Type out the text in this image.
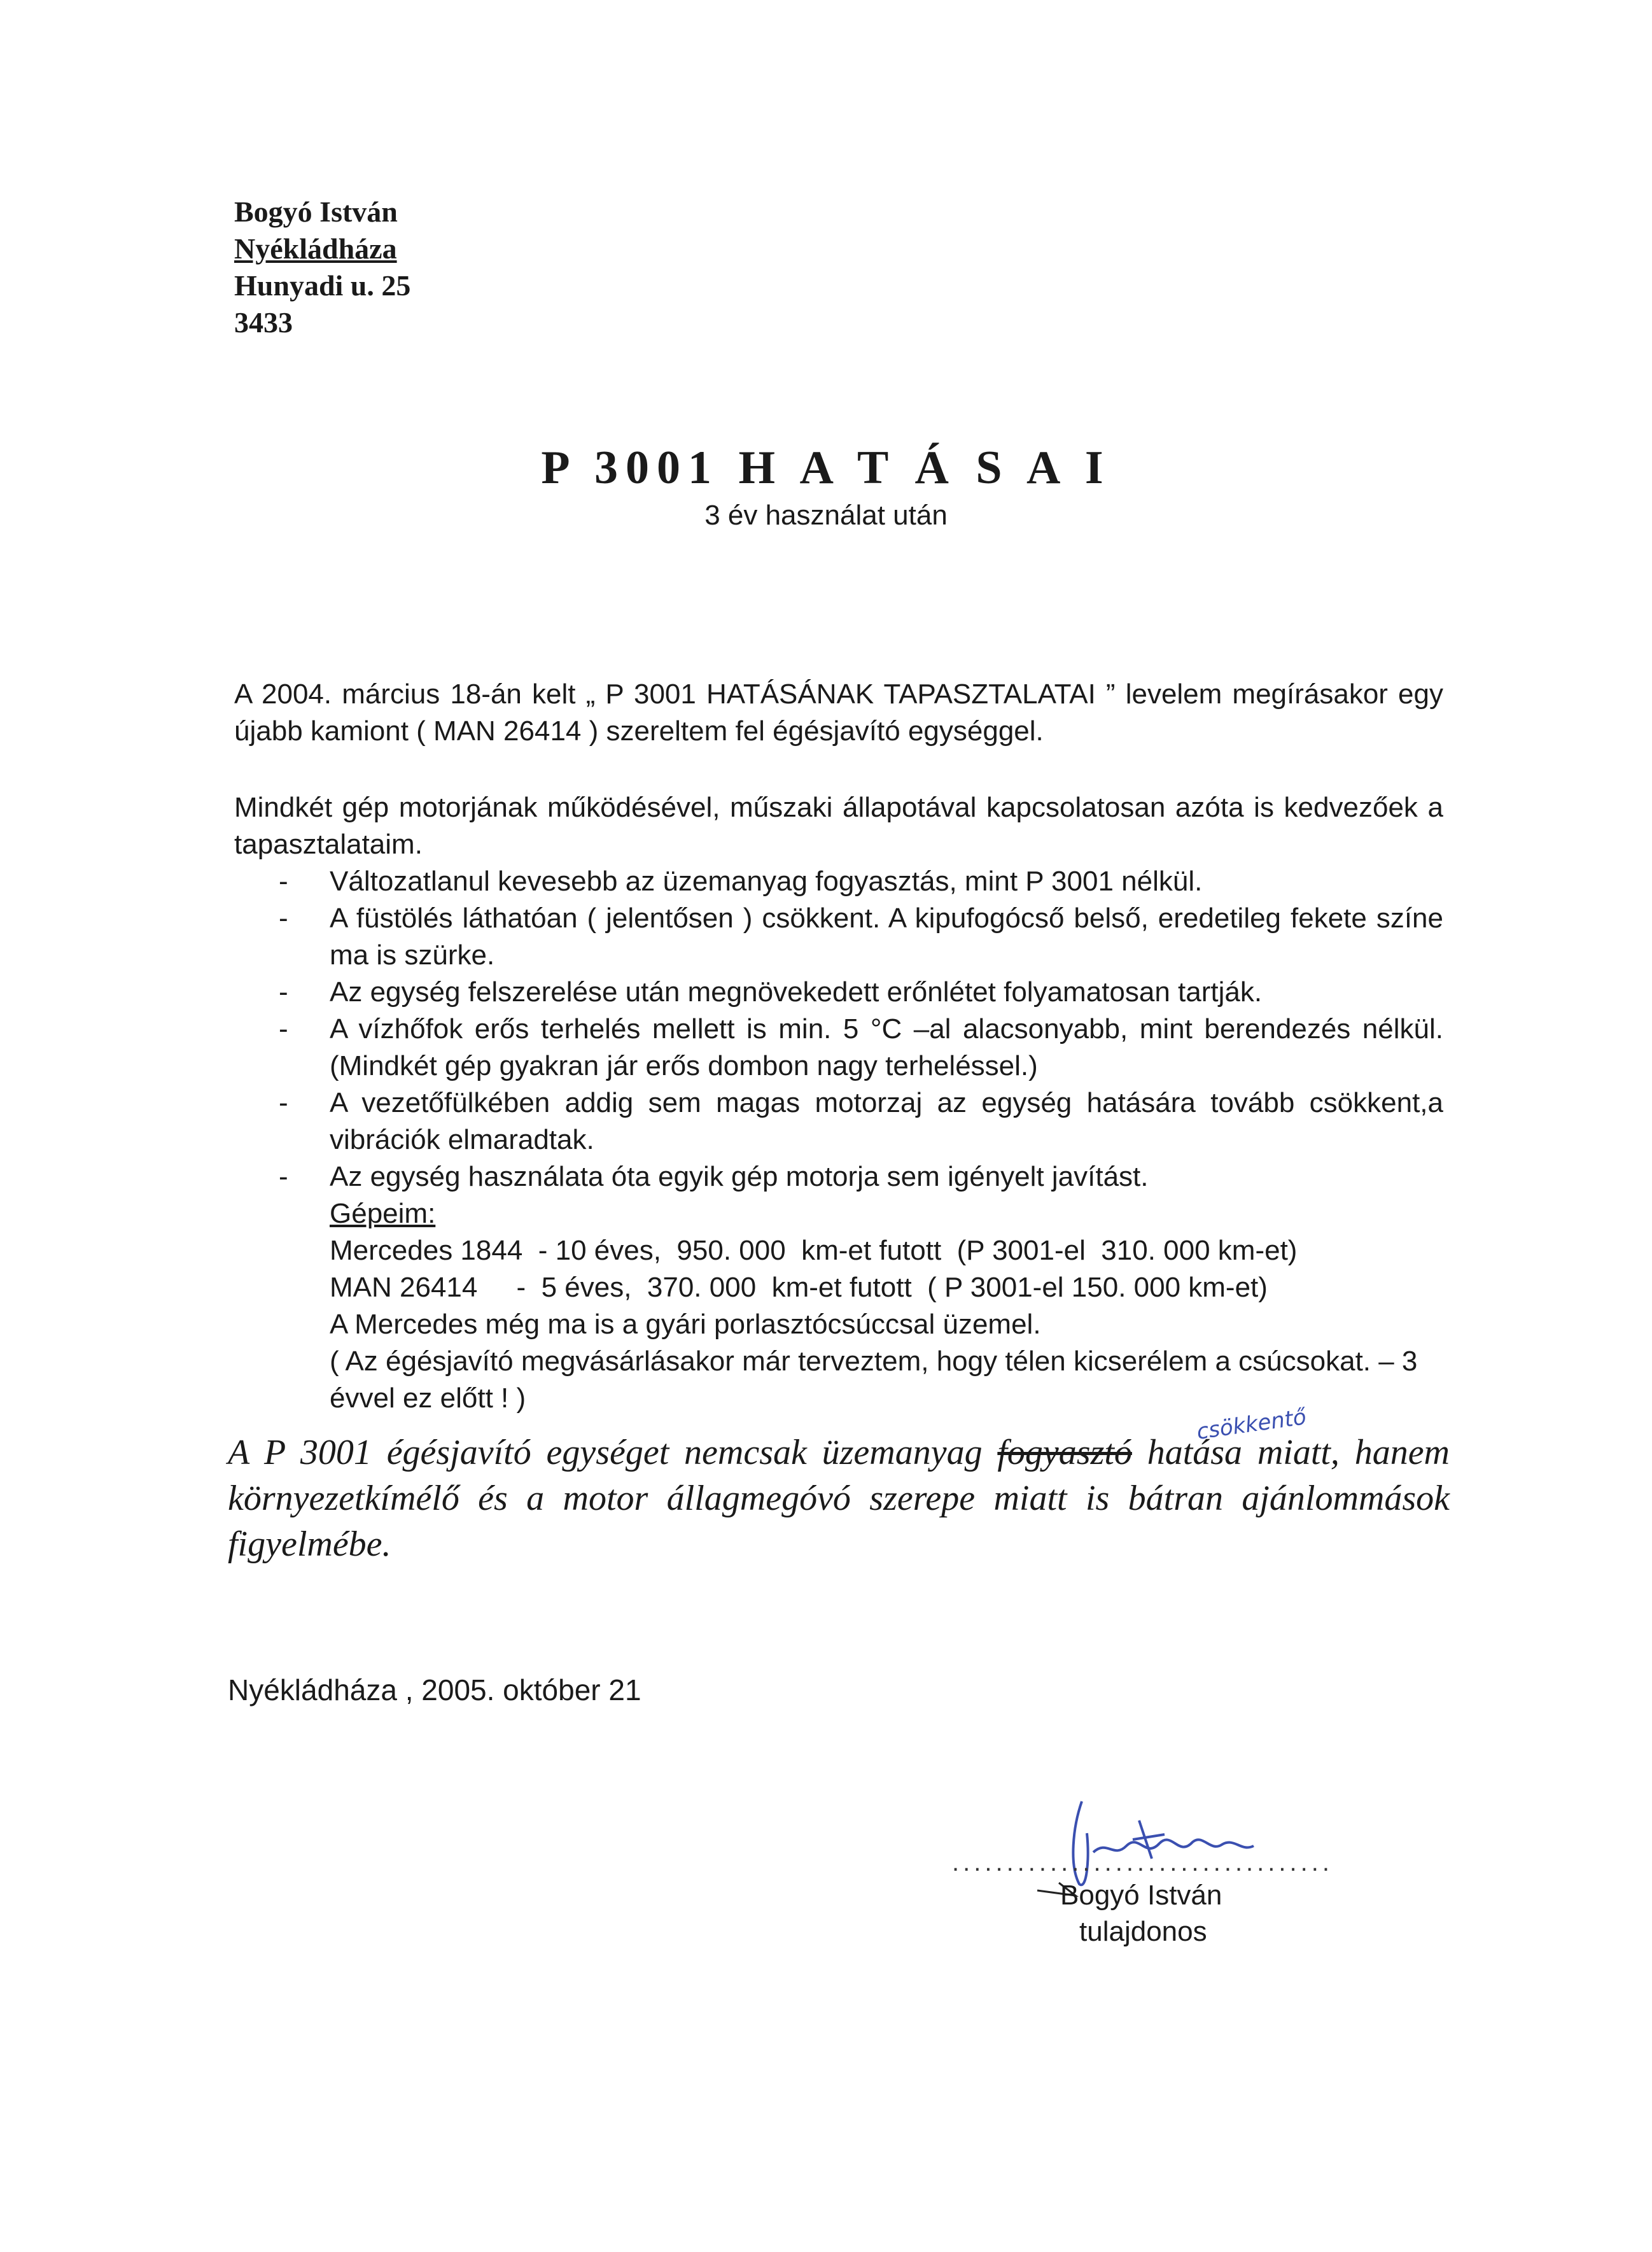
Bogyó István
Nyékládháza
Hunyadi u. 25
3433
P 3001 H A T Á S A I
3 év használat után

A 2004. március 18-án kelt „ P 3001 HATÁSÁNAK TAPASZTALATAI ” levelem megírásakor egy újabb kamiont ( MAN 26414 ) szereltem fel égésjavító egységgel.

Mindkét gép motorjának működésével, műszaki állapotával kapcsolatosan azóta is kedvezőek a tapasztalataim.

- Változatlanul kevesebb az üzemanyag fogyasztás, mint P 3001 nélkül.
- A füstölés láthatóan ( jelentősen ) csökkent. A kipufogócső belső, eredetileg fekete színe ma is szürke.
- Az egység felszerelése után megnövekedett erőnlétet folyamatosan tartják.
- A vízhőfok erős terhelés mellett is min. 5 °C –al alacsonyabb, mint berendezés nélkül. (Mindkét gép gyakran jár erős dombon nagy terheléssel.)
- A vezetőfülkében addig sem magas motorzaj az egység hatására tovább csökkent,a vibrációk elmaradtak.
- Az egység használata óta egyik gép motorja sem igényelt javítást.
Gépeim:
Mercedes 1844  - 10 éves,  950. 000  km-et futott  (P 3001-el  310. 000 km-et)
MAN 26414     -  5 éves,  370. 000  km-et futott  ( P 3001-el 150. 000 km-et)
A Mercedes még ma is a gyári porlasztócsúccsal üzemel.
( Az égésjavító megvásárlásakor már terveztem, hogy télen kicserélem a csúcsokat. – 3 évvel ez előtt ! )
A P 3001 égésjavító egységet nemcsak üzemanyag fogyasztó hatása miatt, hanem környezetkímélő és a motor állagmegóvó szerepe miatt is bátran ajánlommások figyelmébe.
csökkentő
Nyékládháza , 2005. október 21
...................................
Bogyó István
tulajdonos
